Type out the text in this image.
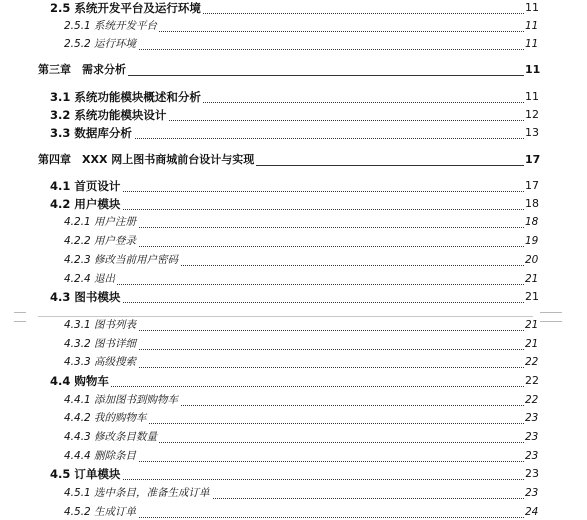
2.5 系统开发平台及运行环境	11
2.5.1 系统开发平台	11
2.5.2 运行环境	11
第三章　需求分析	11
3.1 系统功能模块概述和分析	11
3.2 系统功能模块设计	12
3.3 数据库分析	13
第四章　XXX 网上图书商城前台设计与实现	17
4.1 首页设计	17
4.2 用户模块	18
4.2.1 用户注册	18
4.2.2 用户登录	19
4.2.3 修改当前用户密码	20
4.2.4 退出	21
4.3 图书模块	21
4.3.1 图书列表	21
4.3.2 图书详细	21
4.3.3 高级搜索	22
4.4 购物车	22
4.4.1 添加图书到购物车	22
4.4.2 我的购物车	23
4.4.3 修改条目数量	23
4.4.4 删除条目	23
4.5 订单模块	23
4.5.1 选中条目，准备生成订单	23
4.5.2 生成订单	24
